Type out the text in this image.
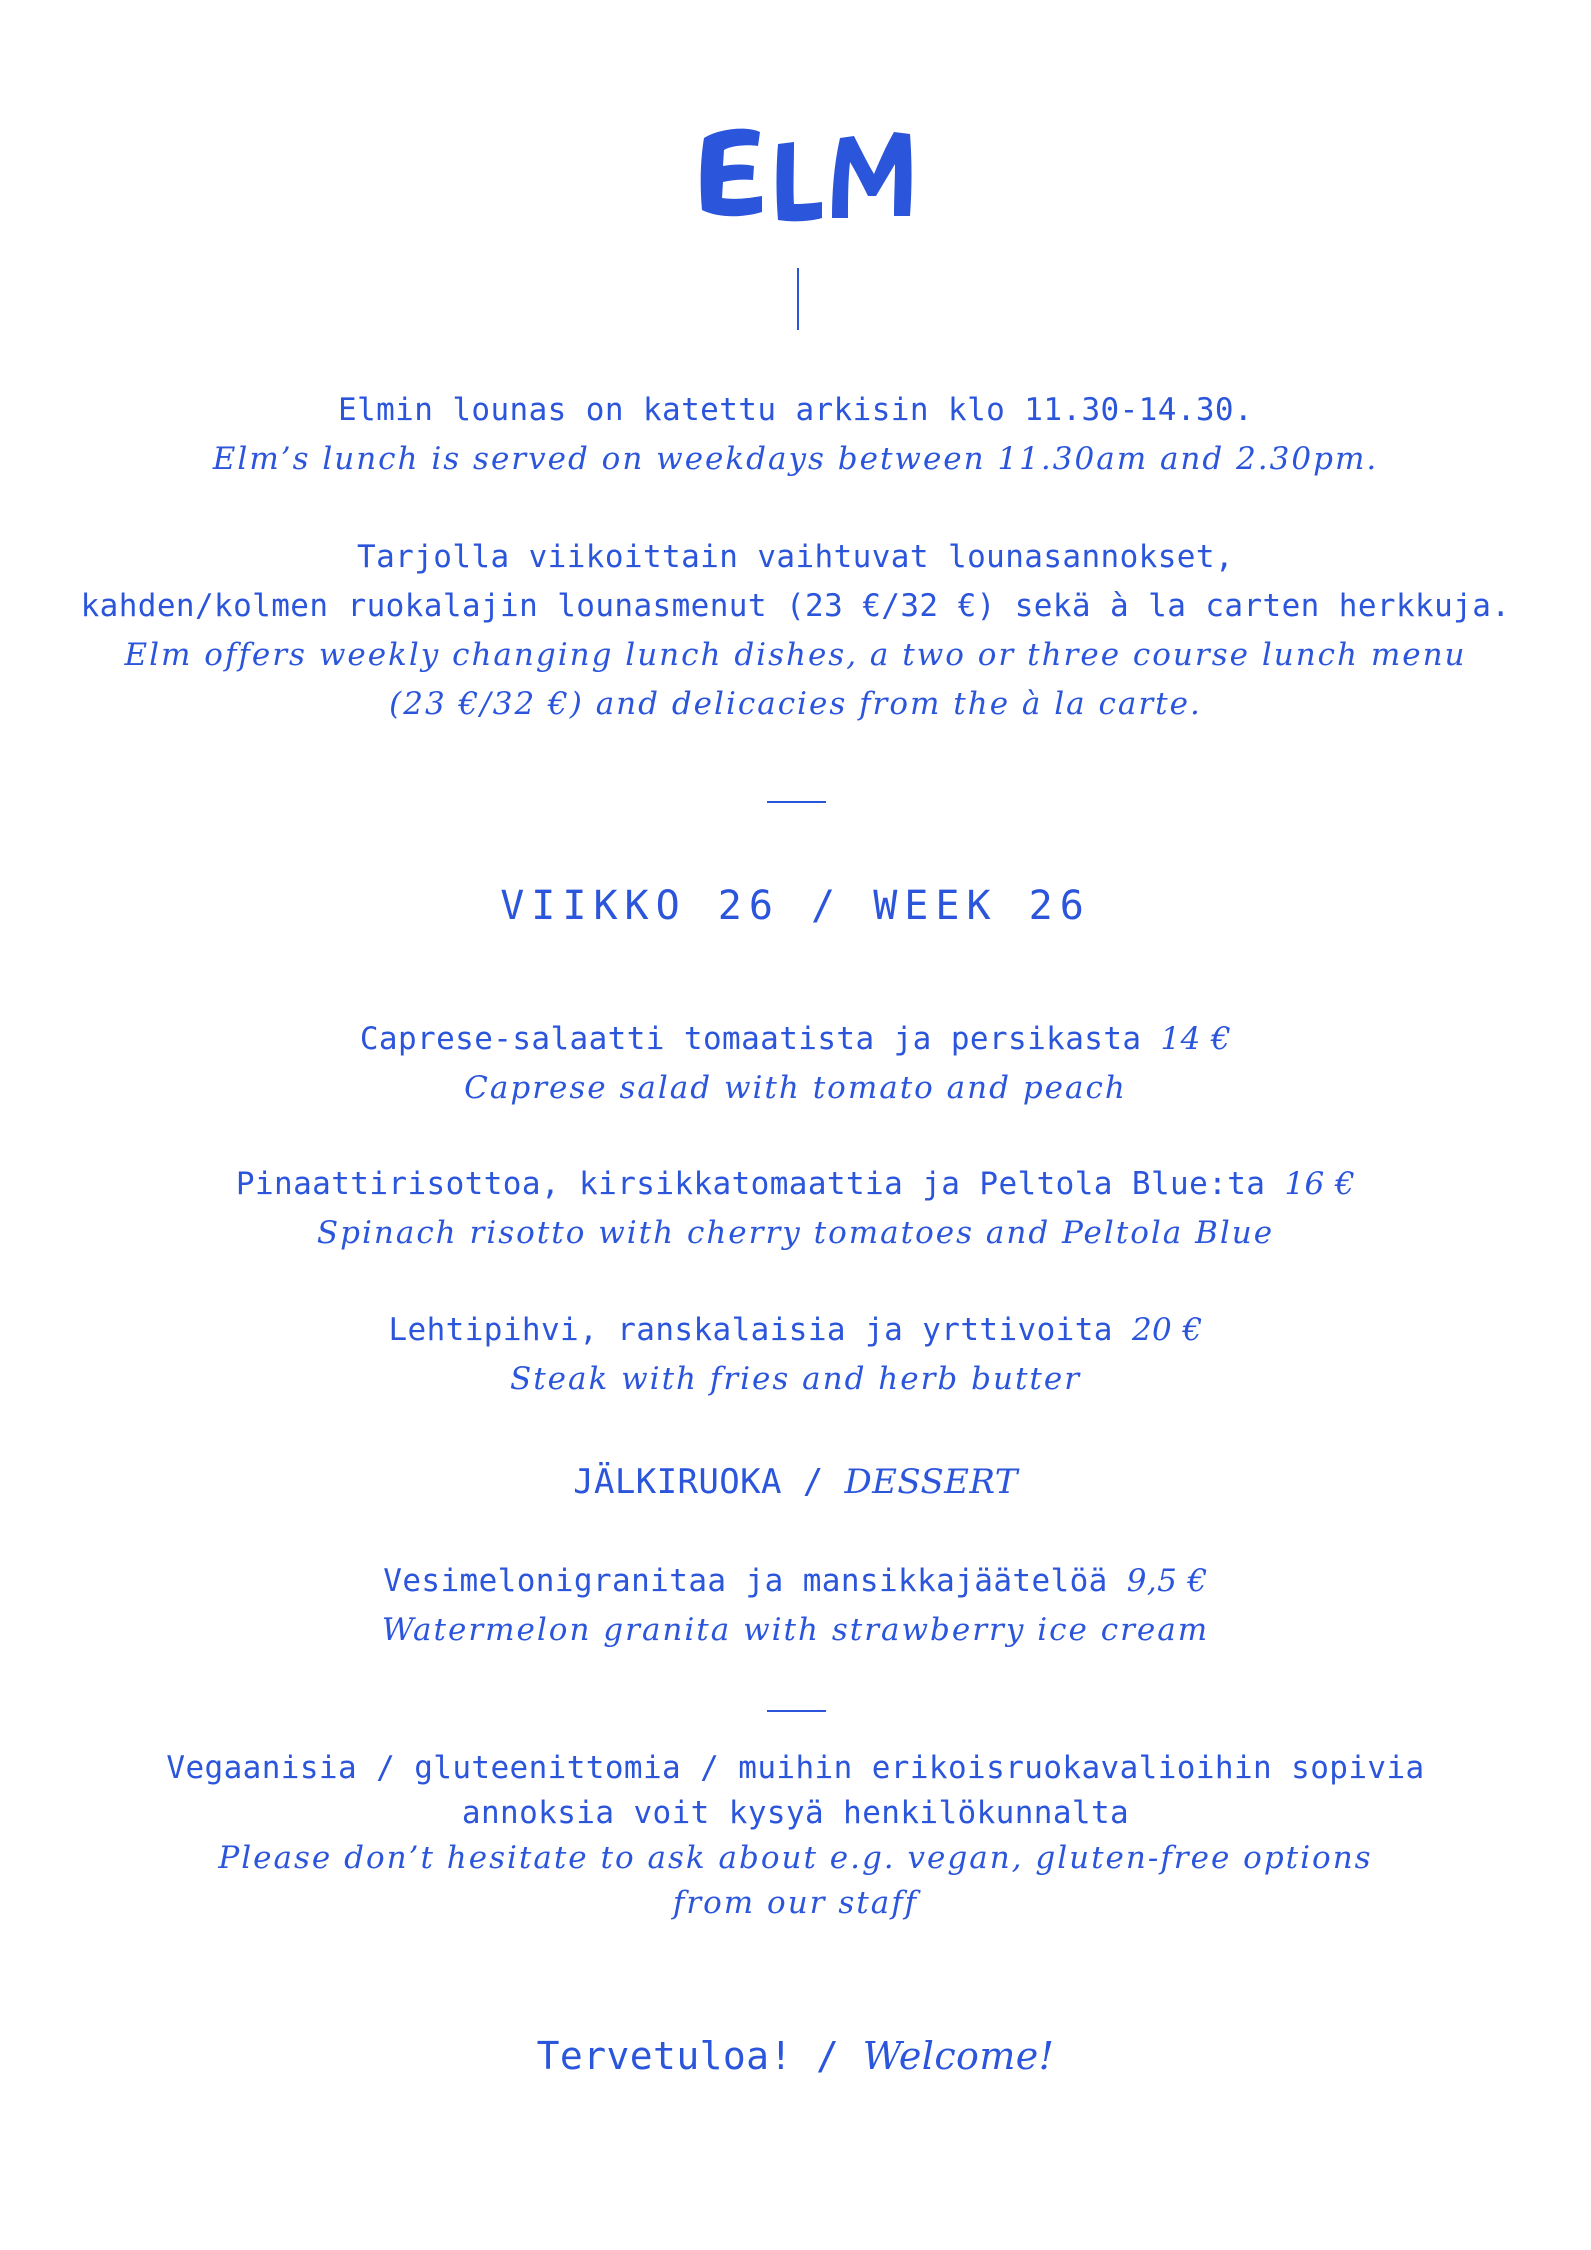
Elmin lounas on katettu arkisin klo 11.30-14.30.
Elm’s lunch is served on weekdays between 11.30am and 2.30pm.
Tarjolla viikoittain vaihtuvat lounasannokset,
kahden/kolmen ruokalajin lounasmenut (23 €/32 €) sekä à la carten herkkuja.
Elm offers weekly changing lunch dishes, a two or three course lunch menu
(23 €/32 €) and delicacies from the à la carte.
VIIKKO 26 / WEEK 26
Caprese-salaatti tomaatista ja persikasta 14 €
Caprese salad with tomato and peach
Pinaattirisottoa, kirsikkatomaattia ja Peltola Blue:ta 16 €
Spinach risotto with cherry tomatoes and Peltola Blue
Lehtipihvi, ranskalaisia ja yrttivoita 20 €
Steak with fries and herb butter
JÄLKIRUOKA / DESSERT
Vesimelonigranitaa ja mansikkajäätelöä 9,5 €
Watermelon granita with strawberry ice cream
Vegaanisia / gluteenittomia / muihin erikoisruokavalioihin sopivia
annoksia voit kysyä henkilökunnalta
Please don’t hesitate to ask about e.g. vegan, gluten-free options
from our staff
Tervetuloa! / Welcome!
